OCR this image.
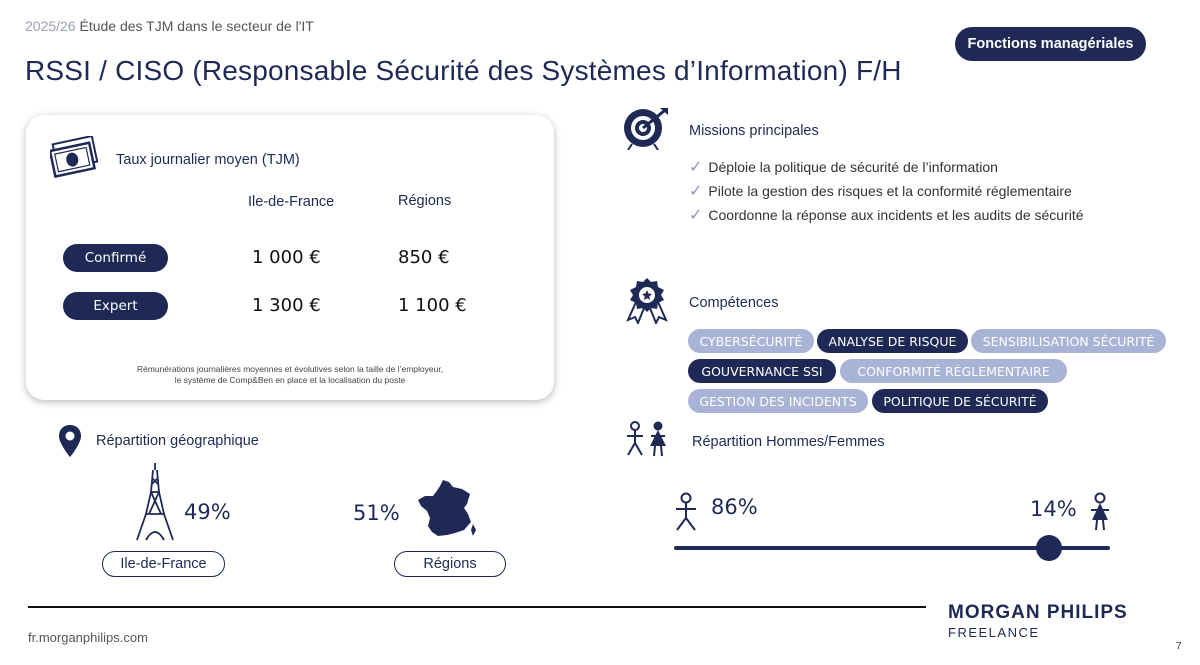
2025/26 Étude des TJM dans le secteur de l'IT
RSSI / CISO (Responsable Sécurité des Systèmes d’Information) F/H
Fonctions managériales
Taux journalier moyen (TJM)
Ile-de-France	Régions
Confirmé	1 000 €	850 €
Expert	1 300 €	1 100 €
Rémunérations journalières moyennes et évolutives selon la taille de l’employeur,
le système de Comp&Ben en place et la localisation du poste
Missions principales
✓ Déploie la politique de sécurité de l’information
✓ Pilote la gestion des risques et la conformité réglementaire
✓ Coordonne la réponse aux incidents et les audits de sécurité
Compétences
CYBERSÉCURITÉ	ANALYSE DE RISQUE	SENSIBILISATION SÉCURITÉ
GOUVERNANCE SSI	CONFORMITÉ RÉGLEMENTAIRE
GESTION DES INCIDENTS	POLITIQUE DE SÉCURITÉ
Répartition géographique
49%	51%
Ile-de-France	Régions
Répartition Hommes/Femmes
86%	14%
fr.morganphilips.com
MORGAN PHILIPS
FREELANCE
7
